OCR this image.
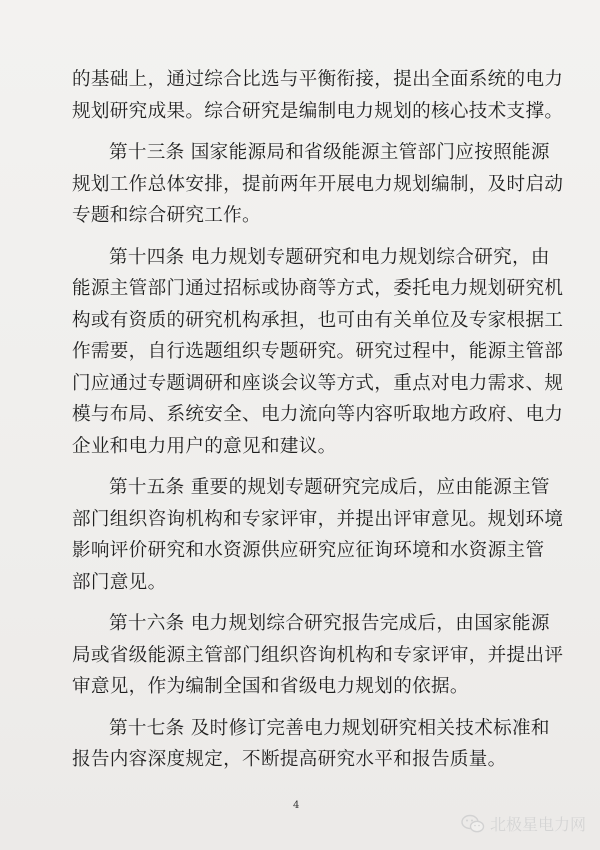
的基础上，通过综合比选与平衡衔接，提出全面系统的电力
规划研究成果。综合研究是编制电力规划的核心技术支撑。
第十三条 国家能源局和省级能源主管部门应按照能源
规划工作总体安排，提前两年开展电力规划编制，及时启动
专题和综合研究工作。
第十四条 电力规划专题研究和电力规划综合研究，由
能源主管部门通过招标或协商等方式，委托电力规划研究机
构或有资质的研究机构承担，也可由有关单位及专家根据工
作需要，自行选题组织专题研究。研究过程中，能源主管部
门应通过专题调研和座谈会议等方式，重点对电力需求、规
模与布局、系统安全、电力流向等内容听取地方政府、电力
企业和电力用户的意见和建议。
第十五条 重要的规划专题研究完成后，应由能源主管
部门组织咨询机构和专家评审，并提出评审意见。规划环境
影响评价研究和水资源供应研究应征询环境和水资源主管
部门意见。
第十六条 电力规划综合研究报告完成后，由国家能源
局或省级能源主管部门组织咨询机构和专家评审，并提出评
审意见，作为编制全国和省级电力规划的依据。
第十七条 及时修订完善电力规划研究相关技术标准和
报告内容深度规定，不断提高研究水平和报告质量。
4
北极星电力网
